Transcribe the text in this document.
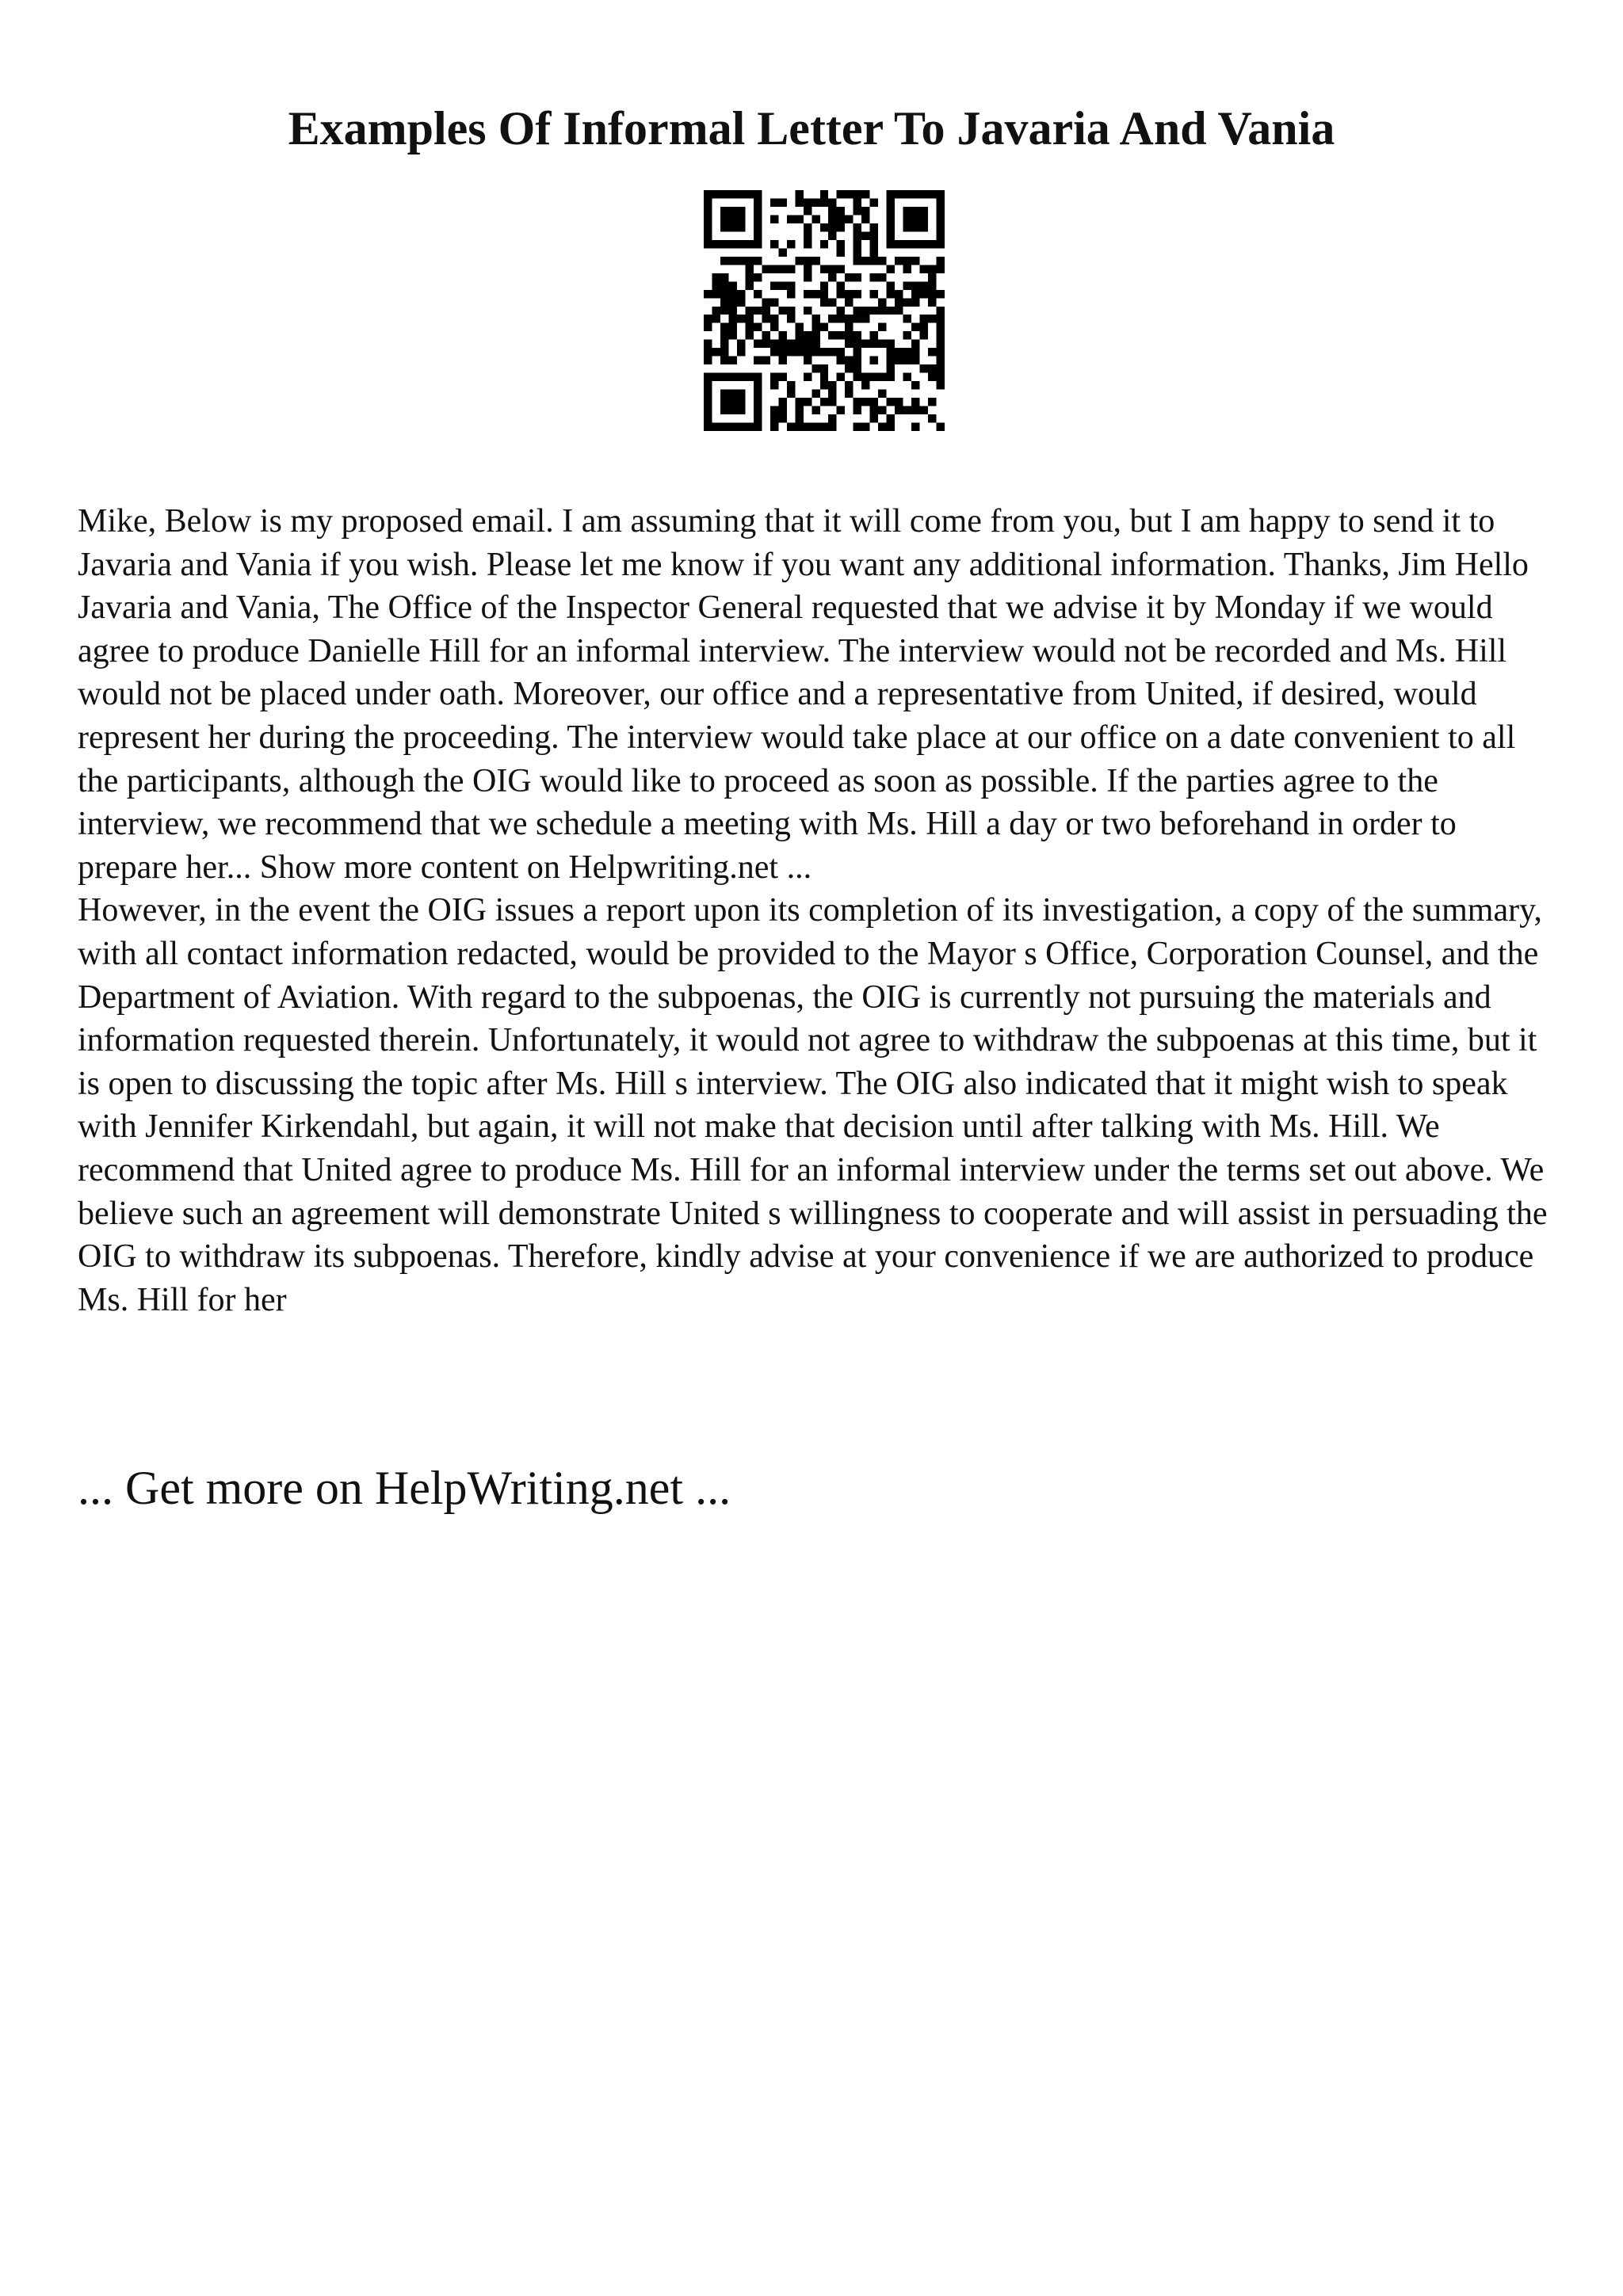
Examples Of Informal Letter To Javaria And Vania

Mike, Below is my proposed email. I am assuming that it will come from you, but I am happy to send it to Javaria and Vania if you wish. Please let me know if you want any additional information. Thanks, Jim Hello Javaria and Vania, The Office of the Inspector General requested that we advise it by Monday if we would agree to produce Danielle Hill for an informal interview. The interview would not be recorded and Ms. Hill would not be placed under oath. Moreover, our office and a representative from United, if desired, would represent her during the proceeding. The interview would take place at our office on a date convenient to all the participants, although the OIG would like to proceed as soon as possible. If the parties agree to the interview, we recommend that we schedule a meeting with Ms. Hill a day or two beforehand in order to prepare her... Show more content on Helpwriting.net ...

However, in the event the OIG issues a report upon its completion of its investigation, a copy of the summary, with all contact information redacted, would be provided to the Mayor s Office, Corporation Counsel, and the Department of Aviation. With regard to the subpoenas, the OIG is currently not pursuing the materials and information requested therein. Unfortunately, it would not agree to withdraw the subpoenas at this time, but it is open to discussing the topic after Ms. Hill s interview. The OIG also indicated that it might wish to speak with Jennifer Kirkendahl, but again, it will not make that decision until after talking with Ms. Hill. We recommend that United agree to produce Ms. Hill for an informal interview under the terms set out above. We believe such an agreement will demonstrate United s willingness to cooperate and will assist in persuading the OIG to withdraw its subpoenas. Therefore, kindly advise at your convenience if we are authorized to produce Ms. Hill for her

... Get more on HelpWriting.net ...
